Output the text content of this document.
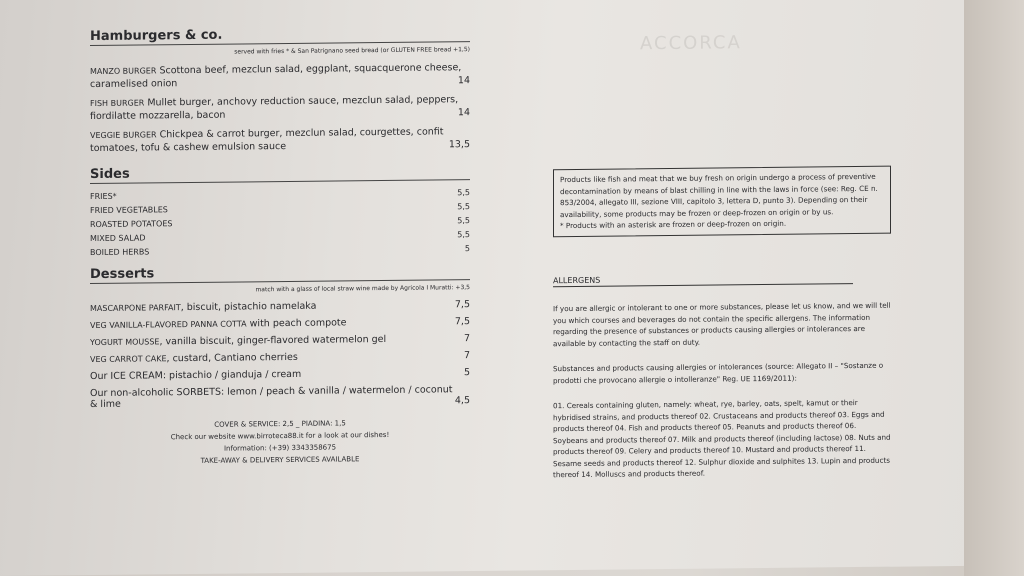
ACCORCA
Hamburgers & co.
served with fries * & San Patrignano seed bread (or GLUTEN FREE bread +1,5)
MANZO BURGER Scottona beef, mezclun salad, eggplant, squacquerone cheese, caramelised onion	14
FISH BURGER Mullet burger, anchovy reduction sauce, mezclun salad, peppers, fiordilatte mozzarella, bacon	14
VEGGIE BURGER Chickpea & carrot burger, mezclun salad, courgettes, confit tomatoes, tofu & cashew emulsion sauce	13,5
Sides
FRIES*	5,5
FRIED VEGETABLES	5,5
ROASTED POTATOES	5,5
MIXED SALAD	5,5
BOILED HERBS	5
Desserts
match with a glass of local straw wine made by Agricola I Muratti: +3,5
MASCARPONE PARFAIT, biscuit, pistachio namelaka	7,5
VEG VANILLA-FLAVORED PANNA COTTA with peach compote	7,5
YOGURT MOUSSE, vanilla biscuit, ginger-flavored watermelon gel	7
VEG CARROT CAKE, custard, Cantiano cherries	7
Our ICE CREAM: pistachio / gianduja / cream	5
Our non-alcoholic SORBETS: lemon / peach & vanilla / watermelon / coconut & lime	4,5
COVER & SERVICE: 2,5 _ PIADINA: 1,5
Check our website www.birroteca88.it for a look at our dishes!
Information: (+39) 3343358675
TAKE-AWAY & DELIVERY SERVICES AVAILABLE
Products like fish and meat that we buy fresh on origin undergo a process of preventive decontamination by means of blast chilling in line with the laws in force (see: Reg. CE n. 853/2004, allegato III, sezione VIII, capitolo 3, lettera D, punto 3). Depending on their availability, some products may be frozen or deep-frozen on origin or by us.
* Products with an asterisk are frozen or deep-frozen on origin.
ALLERGENS
If you are allergic or intolerant to one or more substances, please let us know, and we will tell you which courses and beverages do not contain the specific allergens. The information regarding the presence of substances or products causing allergies or intolerances are available by contacting the staff on duty.
Substances and products causing allergies or intolerances (source: Allegato II – "Sostanze o prodotti che provocano allergie o intolleranze" Reg. UE 1169/2011):
01. Cereals containing gluten, namely: wheat, rye, barley, oats, spelt, kamut or their hybridised strains, and products thereof 02. Crustaceans and products thereof 03. Eggs and products thereof 04. Fish and products thereof 05. Peanuts and products thereof 06. Soybeans and products thereof 07. Milk and products thereof (including lactose) 08. Nuts and products thereof 09. Celery and products thereof 10. Mustard and products thereof 11. Sesame seeds and products thereof 12. Sulphur dioxide and sulphites 13. Lupin and products thereof 14. Molluscs and products thereof.
